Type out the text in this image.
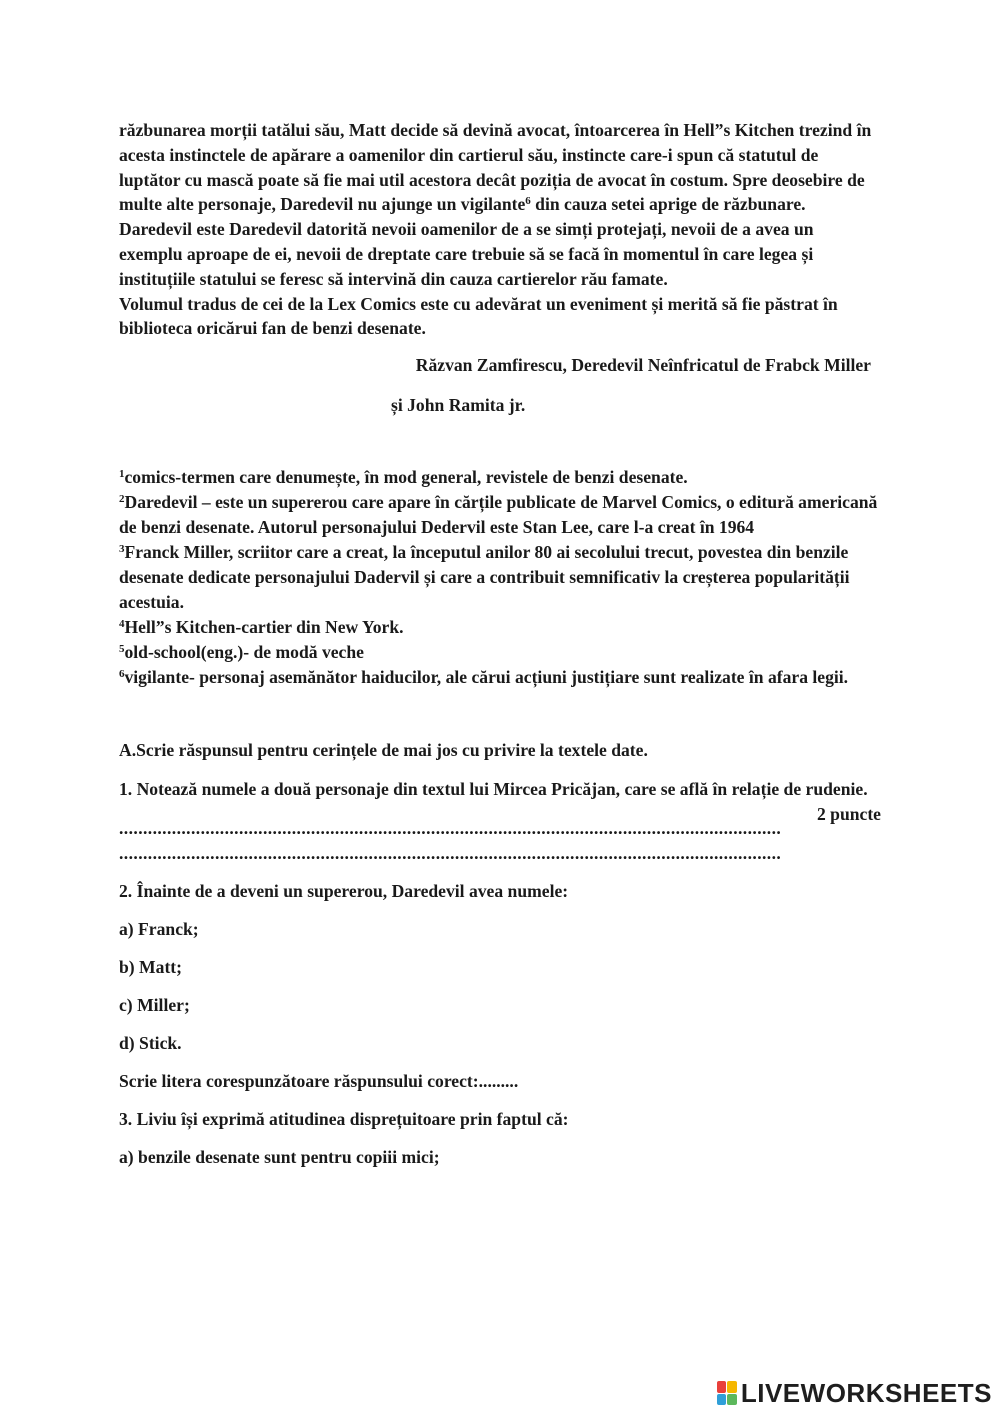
răzbunarea morții tatălui său, Matt decide să devină avocat, întoarcerea în Hell”s Kitchen trezind în acesta instinctele de apărare a oamenilor din cartierul său, instincte care-i spun că statutul de luptător cu mască poate să fie mai util acestora decât poziția de avocat în costum. Spre deosebire de multe alte personaje, Daredevil nu ajunge un vigilante$^6$ din cauza setei aprige de răzbunare. Daredevil este Daredevil datorită nevoii oamenilor de a se simți protejați, nevoii de a avea un exemplu aproape de ei, nevoii de dreptate care trebuie să se facă în momentul în care legea și instituțiile statului se feresc să intervină din cauza cartierelor rău famate.

Volumul tradus de cei de la Lex Comics este cu adevărat un eveniment și merită să fie păstrat în biblioteca oricărui fan de benzi desenate.

Răzvan Zamfirescu, Deredevil Neînfricatul de Frabck Miller

și John Ramita jr.

$^1$comics-termen care denumește, în mod general, revistele de benzi desenate.

$^2$Daredevil – este un supererou care apare în cărțile publicate de Marvel Comics, o editură americană de benzi desenate. Autorul personajului Dedervil este Stan Lee, care l-a creat în 1964

$^3$Franck Miller, scriitor care a creat, la începutul anilor 80 ai secolului trecut, povestea din benzile desenate dedicate personajului Dadervil și care a contribuit semnificativ la creșterea popularității acestuia.

$^4$Hell”s Kitchen-cartier din New York.

$^5$old-school(eng.)- de modă veche

$^6$vigilante- personaj asemănător haiducilor, ale cărui acțiuni justițiare sunt realizate în afara legii.

A.Scrie răspunsul pentru cerințele de mai jos cu privire la textele date.

1. Notează numele a două personaje din textul lui Mircea Pricăjan, care se află în relație de rudenie.
2 puncte

..........................................................................................................................................
..........................................................................................................................................

2. Înainte de a deveni un supererou, Daredevil avea numele:

a) Franck;

b) Matt;

c) Miller;

d) Stick.

Scrie litera corespunzătoare răspunsului corect:.........

3. Liviu își exprimă atitudinea disprețuitoare prin faptul că:

a) benzile desenate sunt pentru copiii mici;

LIVEWORKSHEETS
